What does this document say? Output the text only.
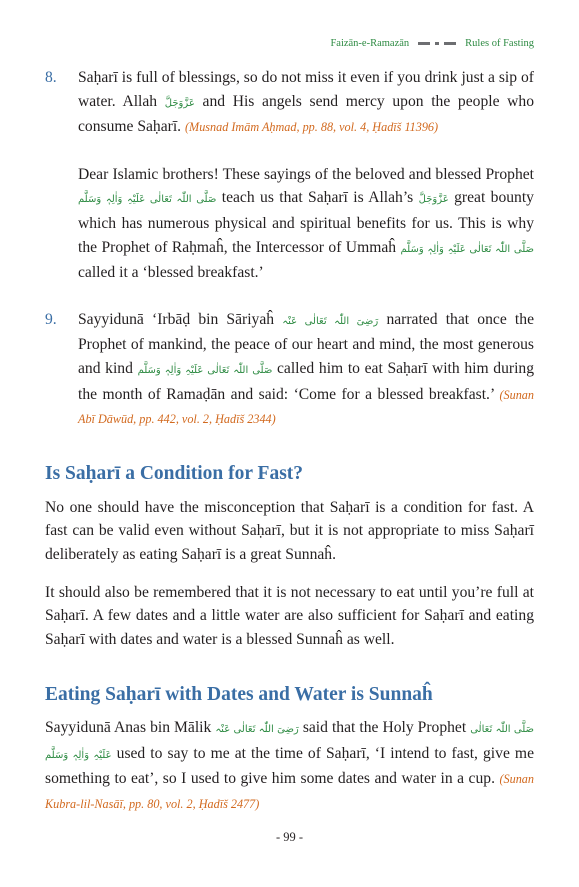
Faizān-e-Ramazān	Rules of Fasting
8.	Saḥarī is full of blessings, so do not miss it even if you drink just a sip of water. Allah عَزَّوَجَلَّ and His angels send mercy upon the people who consume Saḥarī. (Musnad Imām Aḥmad, pp. 88, vol. 4, Ḥadīš 11396)

Dear Islamic brothers! These sayings of the beloved and blessed Prophet صَلَّی اللّٰہ تَعَالٰی عَلَیْہِ وَاٰلِہٖ وَسَلَّم teach us that Saḥarī is Allah’s عَزَّوَجَلَّ great bounty which has numerous physical and spiritual benefits for us. This is why the Prophet of Raḥmaĥ, the Intercessor of Ummaĥ صَلَّی اللّٰہ تَعَالٰی عَلَیْہِ وَاٰلِہٖ وَسَلَّم called it a ‘blessed breakfast.’

9.	Sayyidunā ‘Irbāḍ bin Sāriyaĥ رَضِیَ اللّٰہ تَعَالٰی عَنْہ narrated that once the Prophet of mankind, the peace of our heart and mind, the most generous and kind صَلَّی اللّٰہ تَعَالٰی عَلَیْہِ وَاٰلِہٖ وَسَلَّم called him to eat Saḥarī with him during the month of Ramaḍān and said: ‘Come for a blessed breakfast.’ (Sunan Abī Dāwūd, pp. 442, vol. 2, Ḥadīš 2344)

Is Saḥarī a Condition for Fast?

No one should have the misconception that Saḥarī is a condition for fast. A fast can be valid even without Saḥarī, but it is not appropriate to miss Saḥarī deliberately as eating Saḥarī is a great Sunnaĥ.

It should also be remembered that it is not necessary to eat until you’re full at Saḥarī. A few dates and a little water are also sufficient for Saḥarī and eating Saḥarī with dates and water is a blessed Sunnaĥ as well.

Eating Saḥarī with Dates and Water is Sunnaĥ

Sayyidunā Anas bin Mālik رَضِیَ اللّٰہ تَعَالٰی عَنْہ said that the Holy Prophet صَلَّی اللّٰہ تَعَالٰی عَلَیْہِ وَاٰلِہٖ وَسَلَّم used to say to me at the time of Saḥarī, ‘I intend to fast, give me something to eat’, so I used to give him some dates and water in a cup. (Sunan Kubra-lil-Nasāī, pp. 80, vol. 2, Ḥadīš 2477)

- 99 -
